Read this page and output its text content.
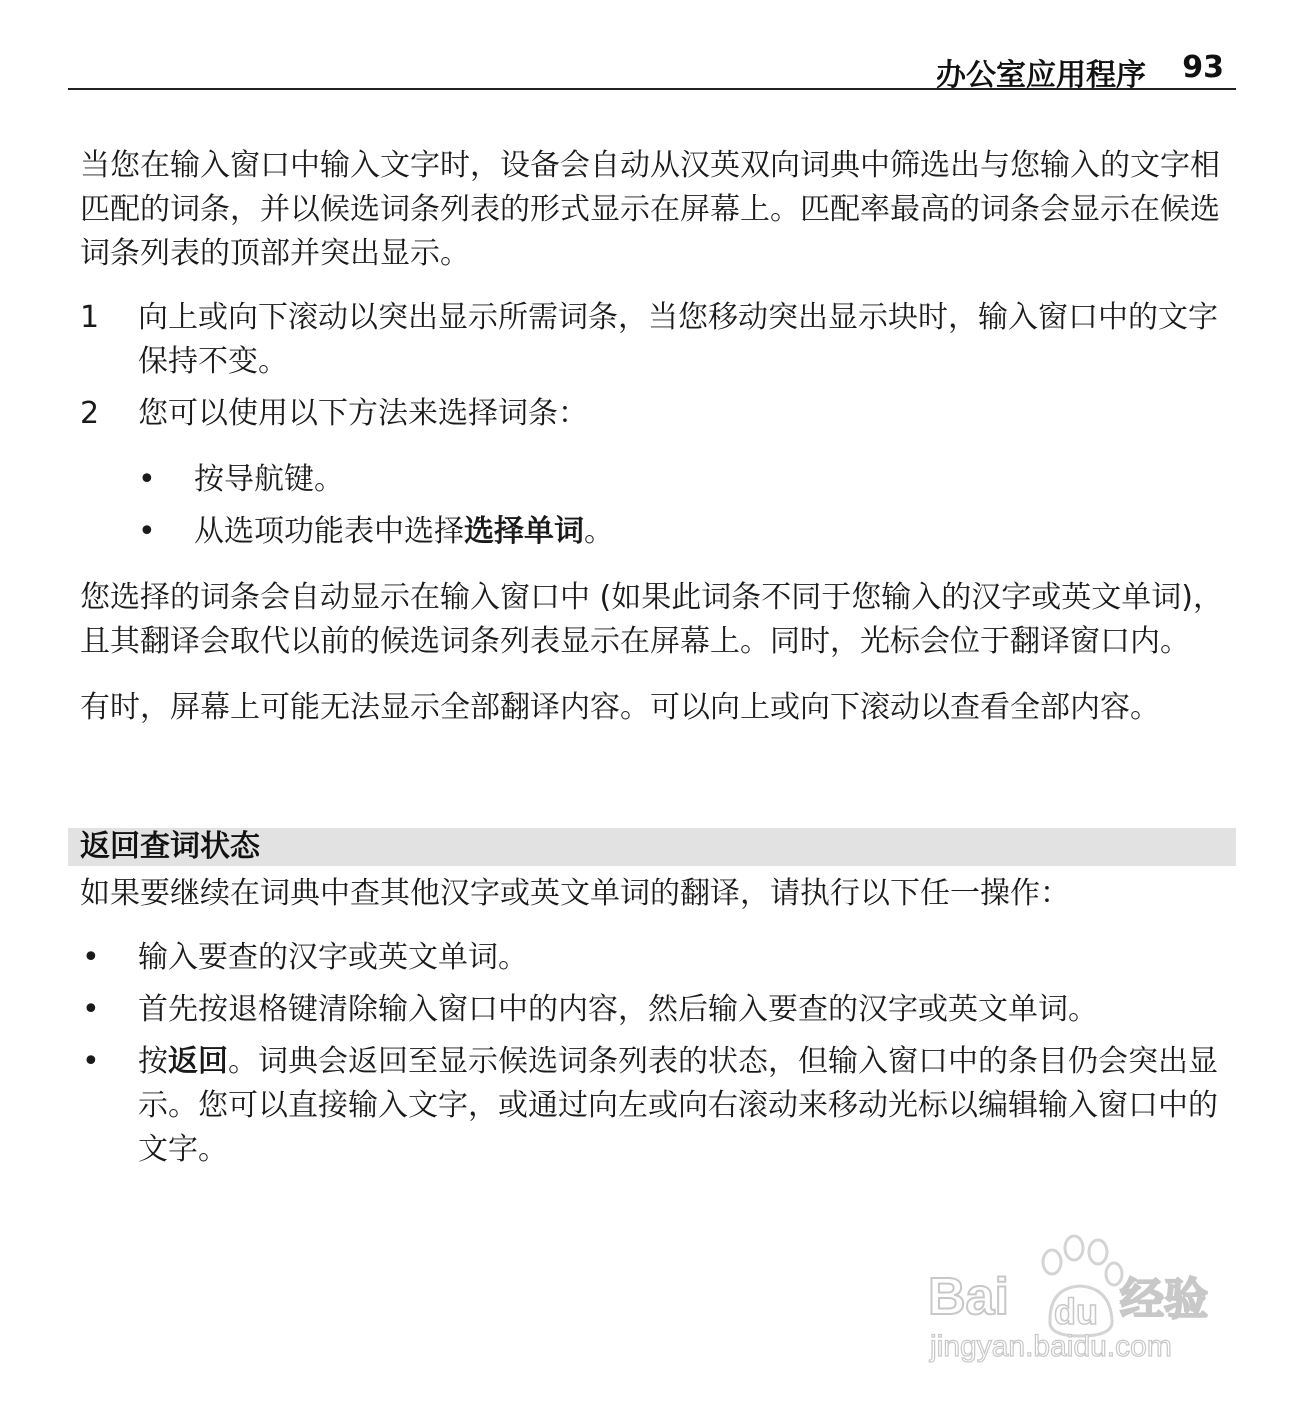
办公室应用程序 93

当您在输入窗口中输入文字时，设备会自动从汉英双向词典中筛选出与您输入的文字相匹配的词条，并以候选词条列表的形式显示在屏幕上。匹配率最高的词条会显示在候选词条列表的顶部并突出显示。

1 向上或向下滚动以突出显示所需词条，当您移动突出显示块时，输入窗口中的文字保持不变。
2 您可以使用以下方法来选择词条：
• 按导航键。
• 从选项功能表中选择选择单词。

您选择的词条会自动显示在输入窗口中 (如果此词条不同于您输入的汉字或英文单词)，且其翻译会取代以前的候选词条列表显示在屏幕上。同时，光标会位于翻译窗口内。

有时，屏幕上可能无法显示全部翻译内容。可以向上或向下滚动以查看全部内容。

返回查词状态

如果要继续在词典中查其他汉字或英文单词的翻译，请执行以下任一操作：

• 输入要查的汉字或英文单词。
• 首先按退格键清除输入窗口中的内容，然后输入要查的汉字或英文单词。
• 按返回。词典会返回至显示候选词条列表的状态，但输入窗口中的条目仍会突出显示。您可以直接输入文字，或通过向左或向右滚动来移动光标以编辑输入窗口中的文字。
Bai du 经验
jingyan.baidu.com
